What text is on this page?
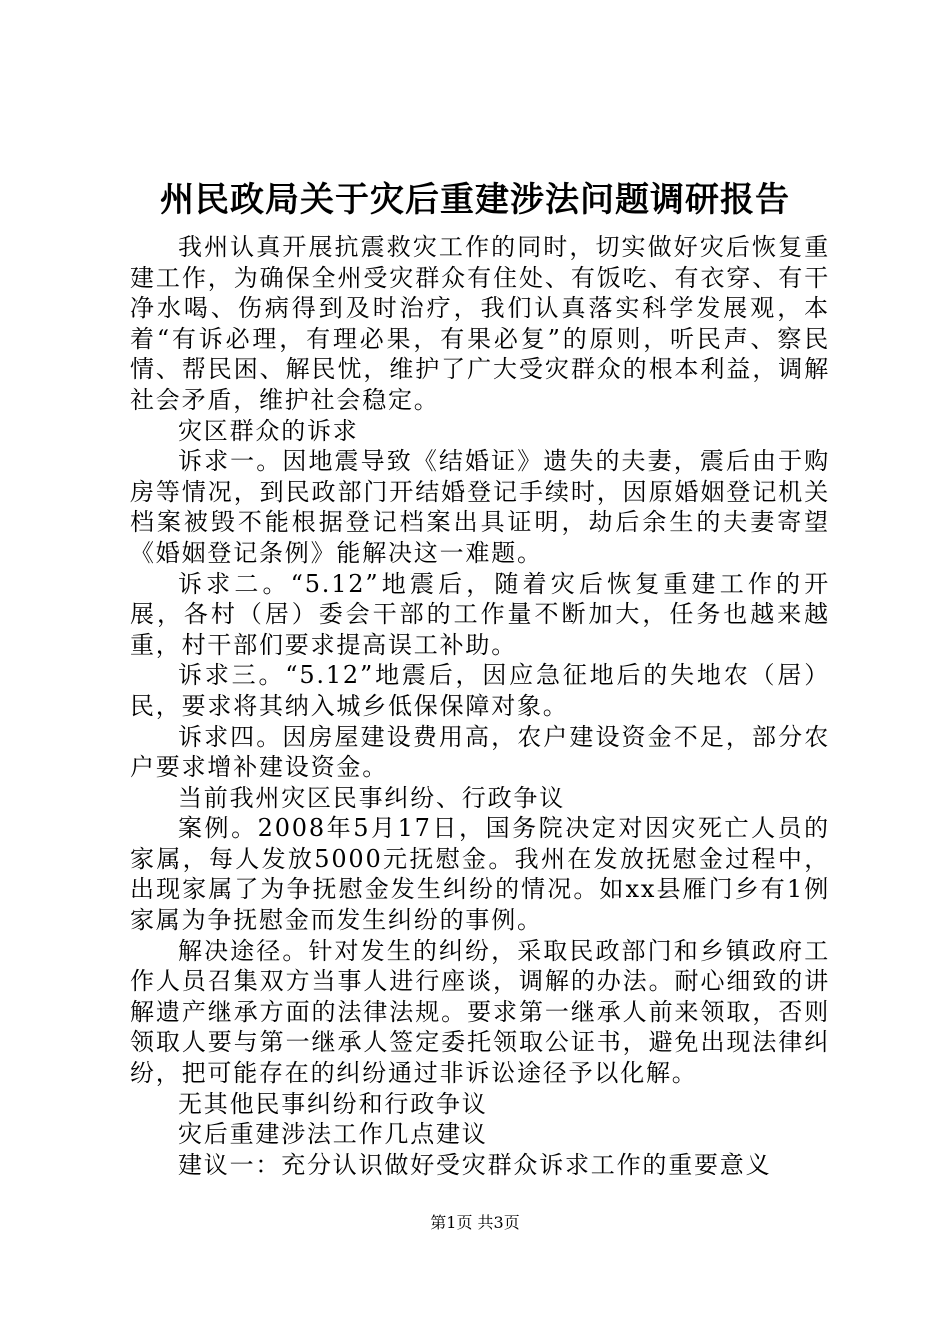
州民政局关于灾后重建涉法问题调研报告

我州认真开展抗震救灾工作的同时，切实做好灾后恢复重建工作，为确保全州受灾群众有住处、有饭吃、有衣穿、有干净水喝、伤病得到及时治疗，我们认真落实科学发展观，本着“有诉必理，有理必果，有果必复”的原则，听民声、察民情、帮民困、解民忧，维护了广大受灾群众的根本利益，调解社会矛盾，维护社会稳定。

灾区群众的诉求

诉求一。因地震导致《结婚证》遗失的夫妻，震后由于购房等情况，到民政部门开结婚登记手续时，因原婚姻登记机关档案被毁不能根据登记档案出具证明，劫后余生的夫妻寄望《婚姻登记条例》能解决这一难题。

诉求二。“5.12”地震后，随着灾后恢复重建工作的开展，各村（居）委会干部的工作量不断加大，任务也越来越重，村干部们要求提高误工补助。

诉求三。“5.12”地震后，因应急征地后的失地农（居）民，要求将其纳入城乡低保保障对象。

诉求四。因房屋建设费用高，农户建设资金不足，部分农户要求增补建设资金。

当前我州灾区民事纠纷、行政争议

案例。2008年5月17日，国务院决定对因灾死亡人员的家属，每人发放5000元抚慰金。我州在发放抚慰金过程中，出现家属了为争抚慰金发生纠纷的情况。如xx县雁门乡有1例家属为争抚慰金而发生纠纷的事例。

解决途径。针对发生的纠纷，采取民政部门和乡镇政府工作人员召集双方当事人进行座谈，调解的办法。耐心细致的讲解遗产继承方面的法律法规。要求第一继承人前来领取，否则领取人要与第一继承人签定委托领取公证书，避免出现法律纠纷，把可能存在的纠纷通过非诉讼途径予以化解。

无其他民事纠纷和行政争议

灾后重建涉法工作几点建议

建议一：充分认识做好受灾群众诉求工作的重要意义

第1页 共3页
